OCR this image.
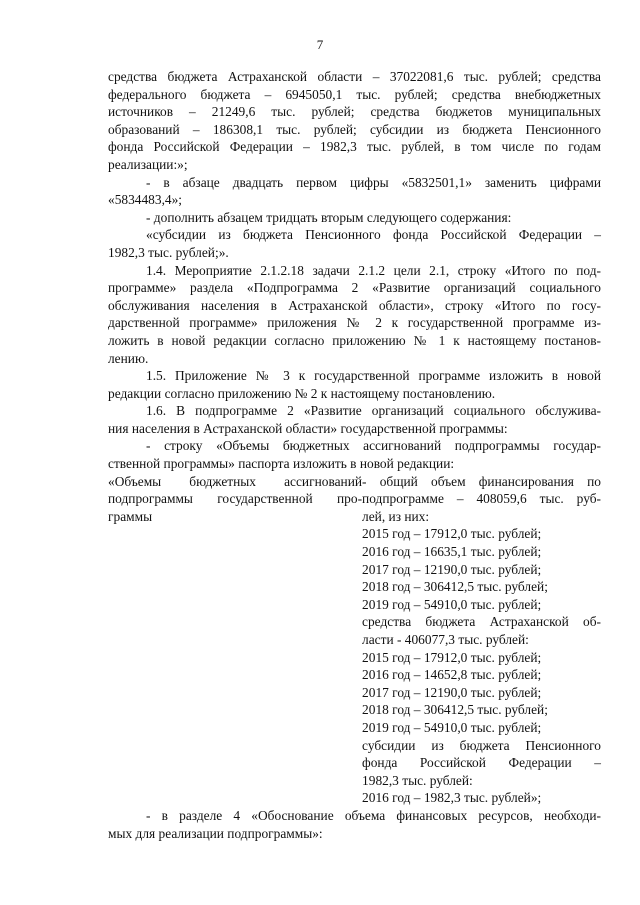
7
средства бюджета Астраханской области – 37022081,6 тыс. рублей; средства
федерального бюджета – 6945050,1 тыс. рублей; средства внебюджетных
источников – 21249,6 тыс. рублей; средства бюджетов муниципальных
образований – 186308,1 тыс. рублей; субсидии из бюджета Пенсионного
фонда Российской Федерации – 1982,3 тыс. рублей, в том числе по годам
реализации:»;
- в абзаце двадцать первом цифры «5832501,1» заменить цифрами
«5834483,4»;
- дополнить абзацем тридцать вторым следующего содержания:
«субсидии из бюджета Пенсионного фонда Российской Федерации –
1982,3 тыс. рублей;».
1.4. Мероприятие 2.1.2.18 задачи 2.1.2 цели 2.1, строку «Итого по под-
программе» раздела «Подпрограмма 2 «Развитие организаций социального
обслуживания населения в Астраханской области», строку «Итого по госу-
дарственной программе» приложения № 2 к государственной программе из-
ложить в новой редакции согласно приложению № 1 к настоящему постанов-
лению.
1.5. Приложение № 3 к государственной программе изложить в новой
редакции согласно приложению № 2 к настоящему постановлению.
1.6. В подпрограмме 2 «Развитие организаций социального обслужива-
ния населения в Астраханской области» государственной программы:
- строку «Объемы бюджетных ассигнований подпрограммы государ-
ственной программы» паспорта изложить в новой редакции:
«Объемы бюджетных ассигнований
подпрограммы государственной про-
граммы

- общий объем финансирования по
подпрограмме – 408059,6 тыс. руб-
лей, из них:
2015 год – 17912,0 тыс. рублей;
2016 год – 16635,1 тыс. рублей;
2017 год – 12190,0 тыс. рублей;
2018 год – 306412,5 тыс. рублей;
2019 год – 54910,0 тыс. рублей;
средства бюджета Астраханской об-
ласти - 406077,3 тыс. рублей:
2015 год – 17912,0 тыс. рублей;
2016 год – 14652,8 тыс. рублей;
2017 год – 12190,0 тыс. рублей;
2018 год – 306412,5 тыс. рублей;
2019 год – 54910,0 тыс. рублей;
субсидии из бюджета Пенсионного
фонда Российской Федерации –
1982,3 тыс. рублей:
2016 год – 1982,3 тыс. рублей»;
- в разделе 4 «Обоснование объема финансовых ресурсов, необходи-
мых для реализации подпрограммы»:
